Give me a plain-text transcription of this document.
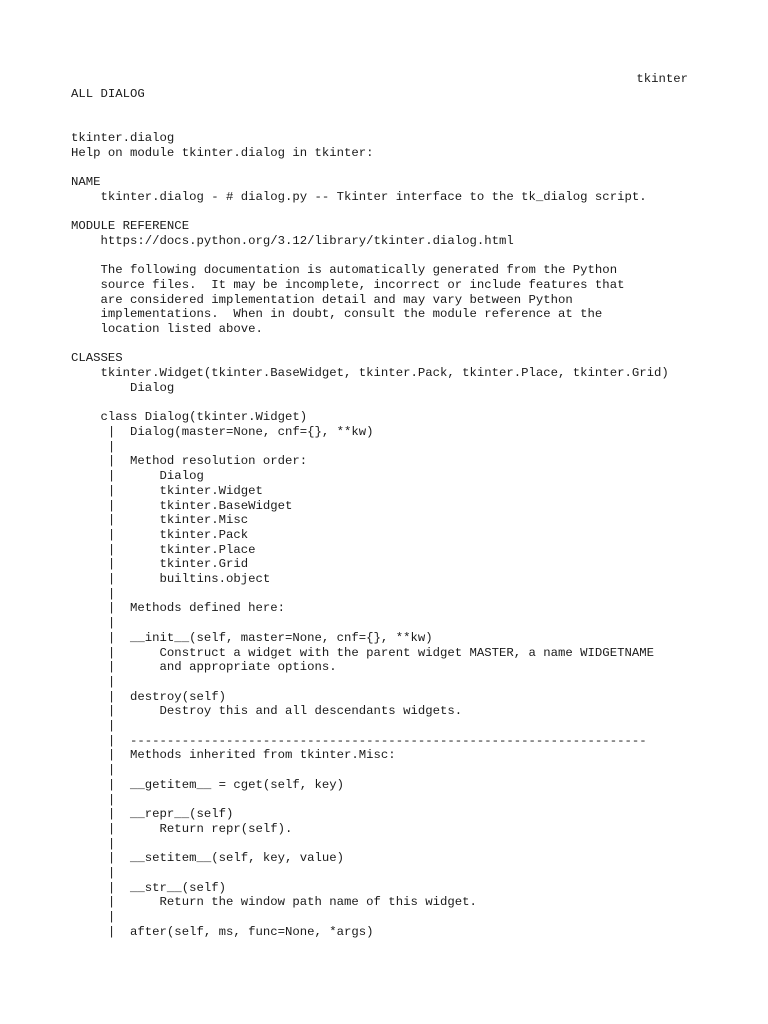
tkinter
ALL DIALOG
tkinter.dialog
Help on module tkinter.dialog in tkinter:
NAME
tkinter.dialog - # dialog.py -- Tkinter interface to the tk_dialog script.
MODULE REFERENCE
https://docs.python.org/3.12/library/tkinter.dialog.html
The following documentation is automatically generated from the Python
source files.  It may be incomplete, incorrect or include features that
are considered implementation detail and may vary between Python
implementations.  When in doubt, consult the module reference at the
location listed above.
CLASSES
tkinter.Widget(tkinter.BaseWidget, tkinter.Pack, tkinter.Place, tkinter.Grid)
Dialog
class Dialog(tkinter.Widget)
|  Dialog(master=None, cnf={}, **kw)
|
|  Method resolution order:
|      Dialog
|      tkinter.Widget
|      tkinter.BaseWidget
|      tkinter.Misc
|      tkinter.Pack
|      tkinter.Place
|      tkinter.Grid
|      builtins.object
|
|  Methods defined here:
|
|  __init__(self, master=None, cnf={}, **kw)
|      Construct a widget with the parent widget MASTER, a name WIDGETNAME
|      and appropriate options.
|
|  destroy(self)
|      Destroy this and all descendants widgets.
|
|  ----------------------------------------------------------------------
|  Methods inherited from tkinter.Misc:
|
|  __getitem__ = cget(self, key)
|
|  __repr__(self)
|      Return repr(self).
|
|  __setitem__(self, key, value)
|
|  __str__(self)
|      Return the window path name of this widget.
|
|  after(self, ms, func=None, *args)
